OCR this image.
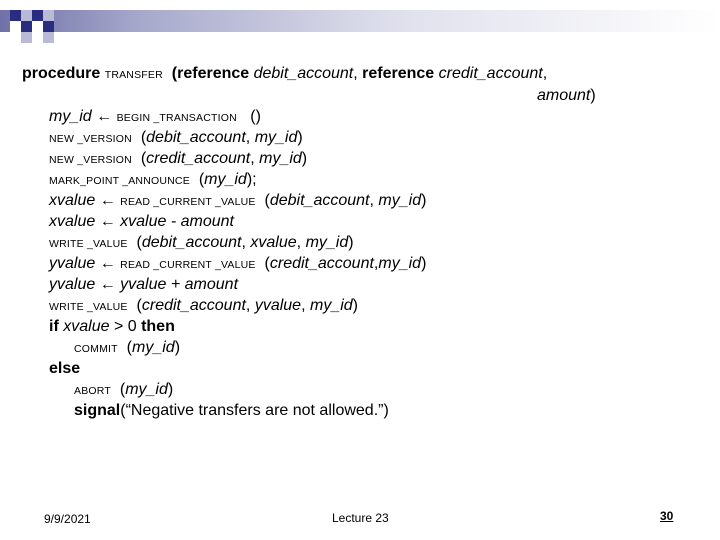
procedure TRANSFER (reference debit_account, reference credit_account,
amount)
my_id ← BEGIN _TRANSACTION ()
NEW _VERSION (debit_account, my_id)
NEW _VERSION (credit_account, my_id)
MARK_POINT _ANNOUNCE (my_id);
xvalue ← READ _CURRENT _VALUE (debit_account, my_id)
xvalue ← xvalue - amount
WRITE _VALUE (debit_account, xvalue, my_id)
yvalue ← READ _CURRENT _VALUE (credit_account,my_id)
yvalue ← yvalue + amount
WRITE _VALUE (credit_account, yvalue, my_id)
if xvalue > 0 then
COMMIT (my_id)
else
ABORT (my_id)
signal(“Negative transfers are not allowed.”)
9/9/2021	Lecture 23	30
